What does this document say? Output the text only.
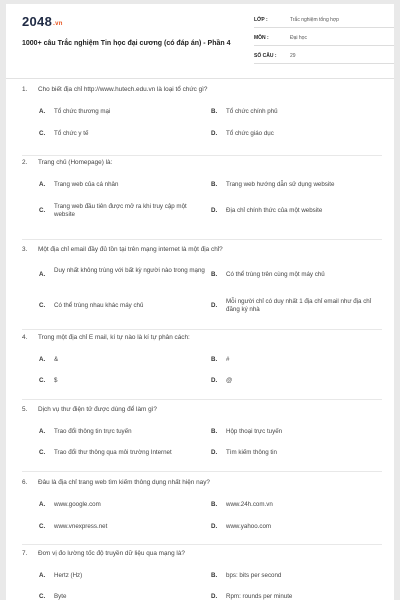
2048.vn
1000+ câu Trắc nghiệm Tin học đại cương (có đáp án) - Phần 4
LỚP :	Trắc nghiệm tổng hợp
MÔN :	Đại học
SỐ CÂU :	29
1. Cho biết địa chỉ http://www.hutech.edu.vn là loại tổ chức gì?
A. Tổ chức thương mại	B. Tổ chức chính phủ
C. Tổ chức y tế	D. Tổ chức giáo dục
2. Trang chủ (Homepage) là:
A. Trang web của cá nhân	B. Trang web hướng dẫn sử dụng website
C.
Trang web đầu tiên được mở ra khi truy cập một website
D. Địa chỉ chính thức của một website
3. Một địa chỉ email đầy đủ tồn tại trên mạng internet là một địa chỉ?
A.
Duy nhất không trùng với bất kỳ người nào trong mạng
B. Có thể trùng trên cùng một máy chủ
C. Có thể trùng nhau khác máy chủ	D.
Mỗi người chỉ có duy nhất 1 địa chỉ email như địa chỉ đăng ký nhà
4. Trong một địa chỉ E mail, kí tự nào là kí tự phân cách:
A. &	B. #
C. $	D. @
5. Dịch vụ thư điện tử được dùng để làm gì?
A. Trao đổi thông tin trực tuyến	B. Hộp thoại trực tuyến
C. Trao đổi thư thông qua môi trường Internet	D. Tìm kiếm thông tin
6. Đâu là địa chỉ trang web tìm kiếm thông dụng nhất hiện nay?
A. www.google.com	B. www.24h.com.vn
C. www.vnexpress.net	D. www.yahoo.com
7. Đơn vị đo lường tốc độ truyền dữ liệu qua mạng là?
A. Hertz (Hz)	B. bps: bits per second
C. Byte	D. Rpm: rounds per minute
